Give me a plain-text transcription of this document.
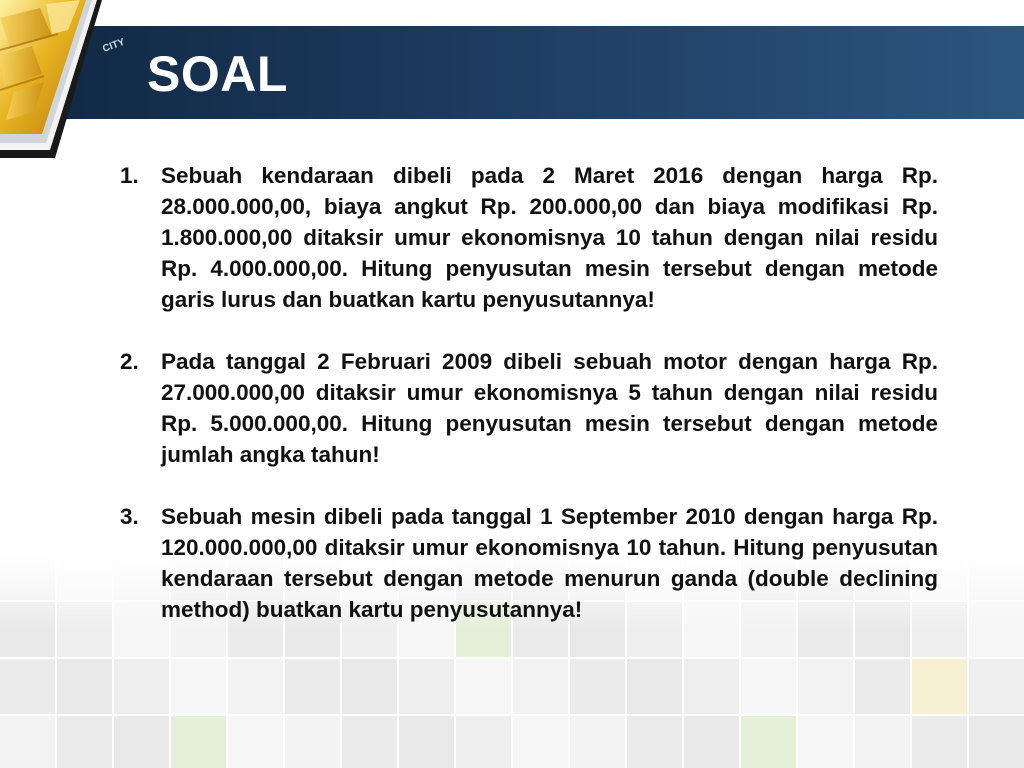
SOAL
CITY
1. Sebuah kendaraan dibeli pada 2 Maret 2016 dengan harga Rp. 28.000.000,00, biaya angkut Rp. 200.000,00 dan biaya modifikasi Rp. 1.800.000,00 ditaksir umur ekonomisnya 10 tahun dengan nilai residu Rp. 4.000.000,00. Hitung penyusutan mesin tersebut dengan metode garis lurus dan buatkan kartu penyusutannya!
2. Pada tanggal 2 Februari 2009 dibeli sebuah motor dengan harga Rp. 27.000.000,00 ditaksir umur ekonomisnya 5 tahun dengan nilai residu Rp. 5.000.000,00. Hitung penyusutan mesin tersebut dengan metode jumlah angka tahun!
3. Sebuah mesin dibeli pada tanggal 1 September 2010 dengan harga Rp. 120.000.000,00 ditaksir umur ekonomisnya 10 tahun. Hitung penyusutan kendaraan tersebut dengan metode menurun ganda (double declining method) buatkan kartu penyusutannya!
